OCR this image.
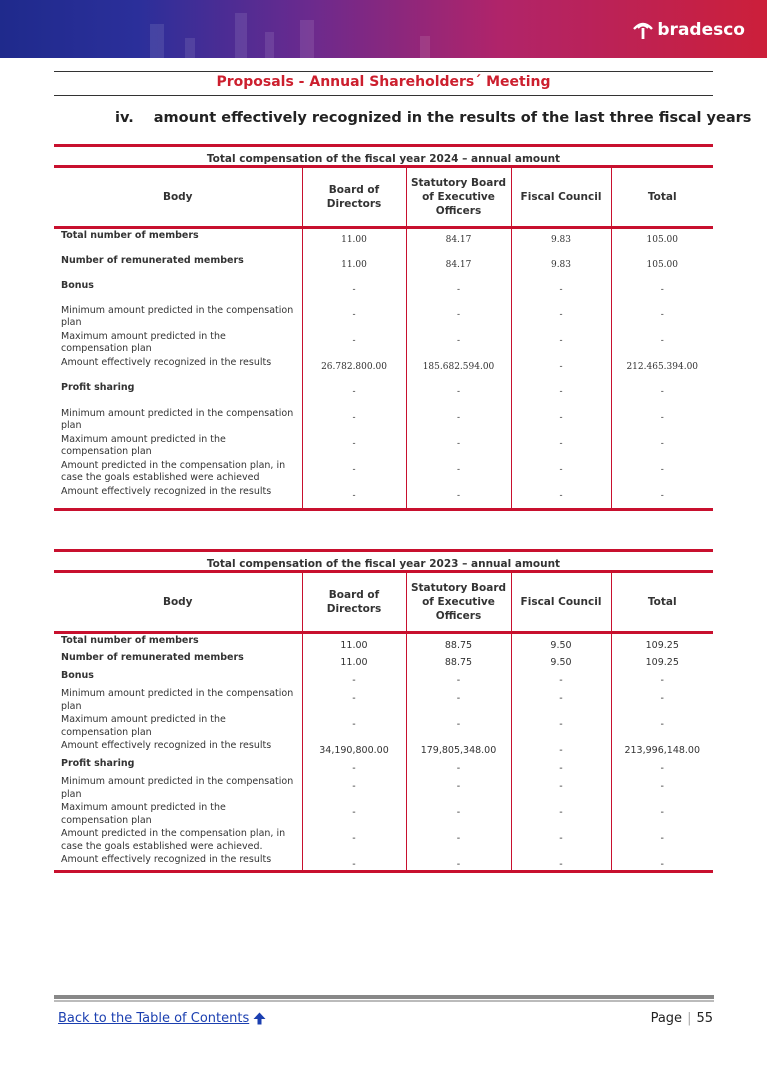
bradesco
Proposals - Annual Shareholders´ Meeting
iv. amount effectively recognized in the results of the last three fiscal years
Total compensation of the fiscal year 2024 – annual amount
Body	Board of Directors	Statutory Board of Executive Officers	Fiscal Council	Total
Total number of members	11.00	84.17	9.83	105.00
Number of remunerated members	11.00	84.17	9.83	105.00
Bonus	-	-	-	-
Minimum amount predicted in the compensation plan	-	-	-	-
Maximum amount predicted in the compensation plan	-	-	-	-
Amount effectively recognized in the results	26.782.800.00	185.682.594.00	-	212.465.394.00
Profit sharing	-	-	-	-
Minimum amount predicted in the compensation plan	-	-	-	-
Maximum amount predicted in the compensation plan	-	-	-	-
Amount predicted in the compensation plan, in case the goals established were achieved	-	-	-	-
Amount effectively recognized in the results	-	-	-	-
Total compensation of the fiscal year 2023 – annual amount
Body	Board of Directors	Statutory Board of Executive Officers	Fiscal Council	Total
Total number of members	11.00	88.75	9.50	109.25
Number of remunerated members	11.00	88.75	9.50	109.25
Bonus	-	-	-	-
Minimum amount predicted in the compensation plan	-	-	-	-
Maximum amount predicted in the compensation plan	-	-	-	-
Amount effectively recognized in the results	34,190,800.00	179,805,348.00	-	213,996,148.00
Profit sharing	-	-	-	-
Minimum amount predicted in the compensation plan	-	-	-	-
Maximum amount predicted in the compensation plan	-	-	-	-
Amount predicted in the compensation plan, in case the goals established were achieved.	-	-	-	-
Amount effectively recognized in the results	-	-	-	-
Back to the Table of Contents	Page | 55
